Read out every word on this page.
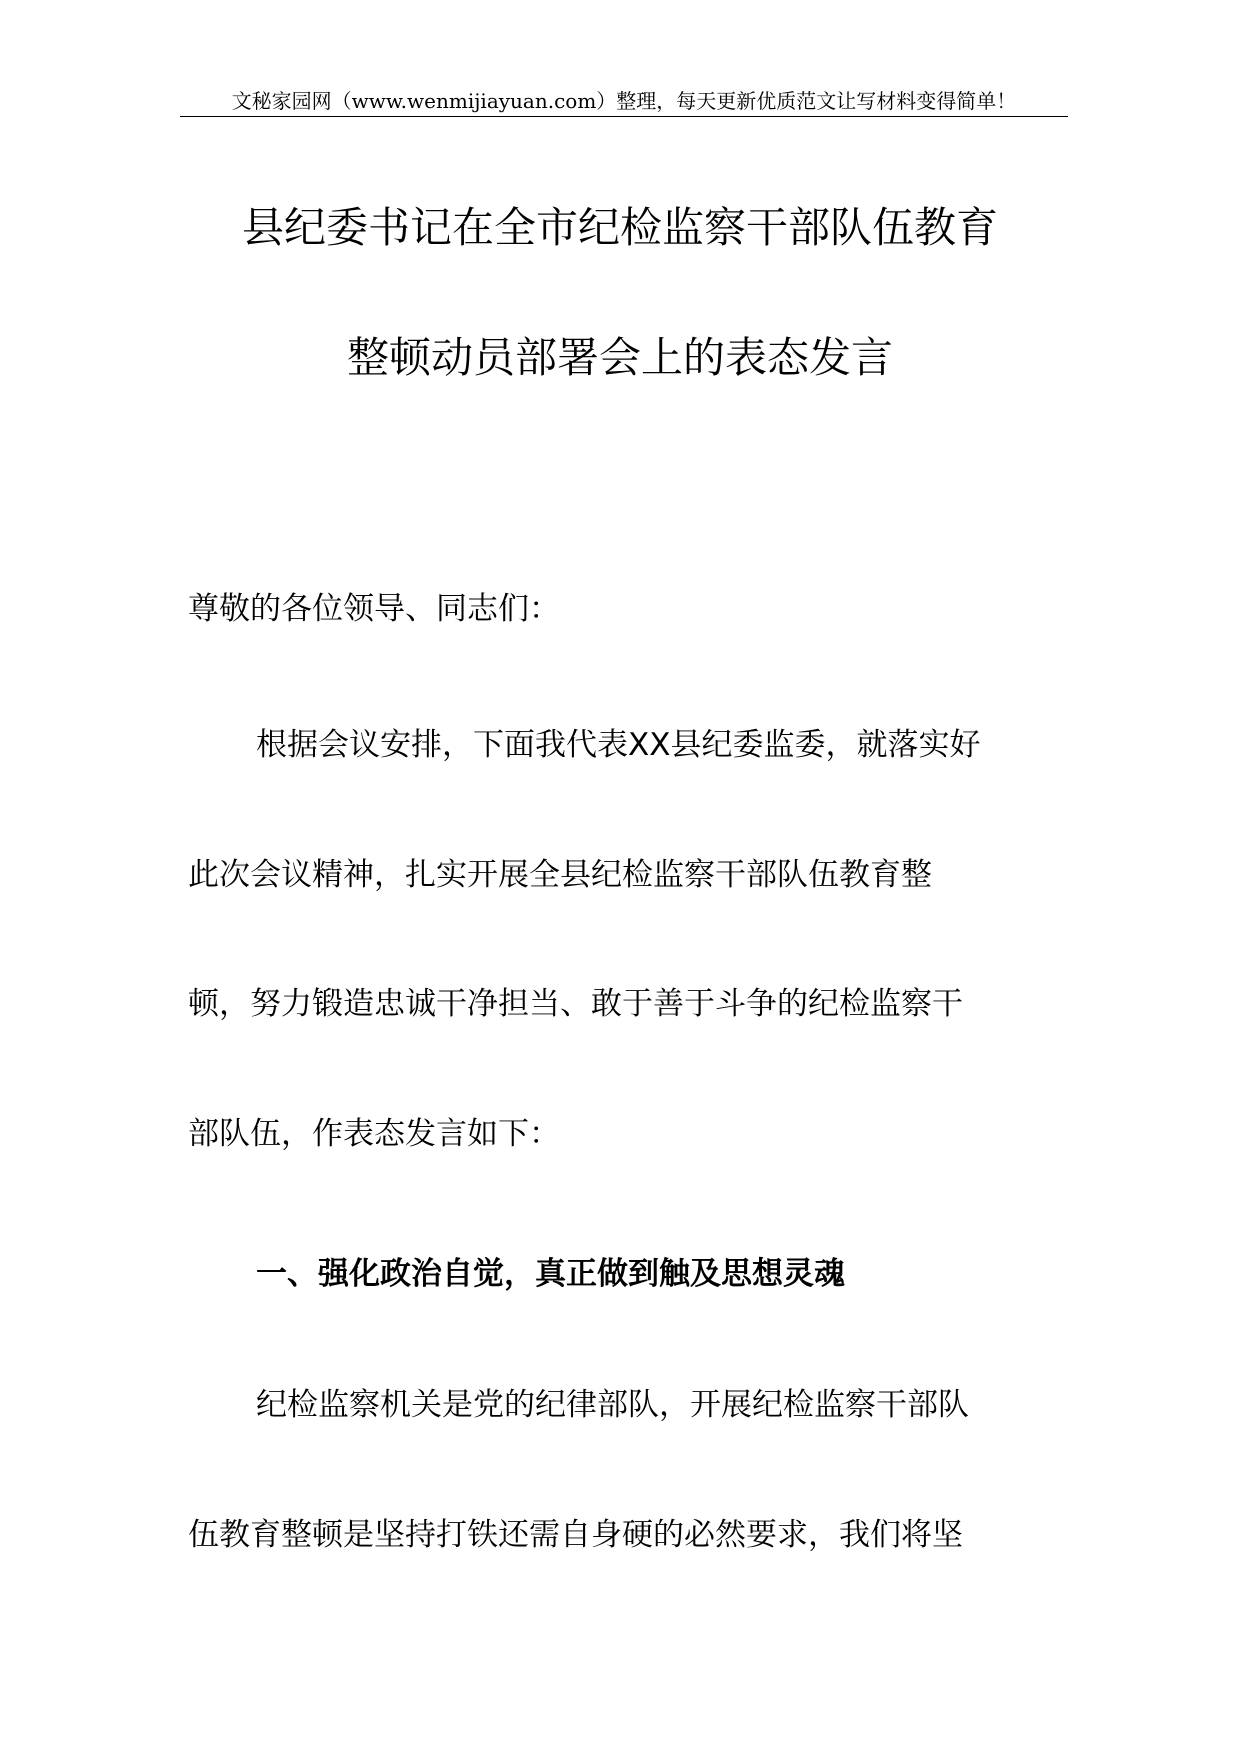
文秘家园网（www.wenmijiayuan.com）整理，每天更新优质范文让写材料变得简单！
县纪委书记在全市纪检监察干部队伍教育
整顿动员部署会上的表态发言
尊敬的各位领导、同志们：
根据会议安排，下面我代表XX县纪委监委，就落实好
此次会议精神，扎实开展全县纪检监察干部队伍教育整
顿，努力锻造忠诚干净担当、敢于善于斗争的纪检监察干
部队伍，作表态发言如下：
一、强化政治自觉，真正做到触及思想灵魂
纪检监察机关是党的纪律部队，开展纪检监察干部队
伍教育整顿是坚持打铁还需自身硬的必然要求，我们将坚
